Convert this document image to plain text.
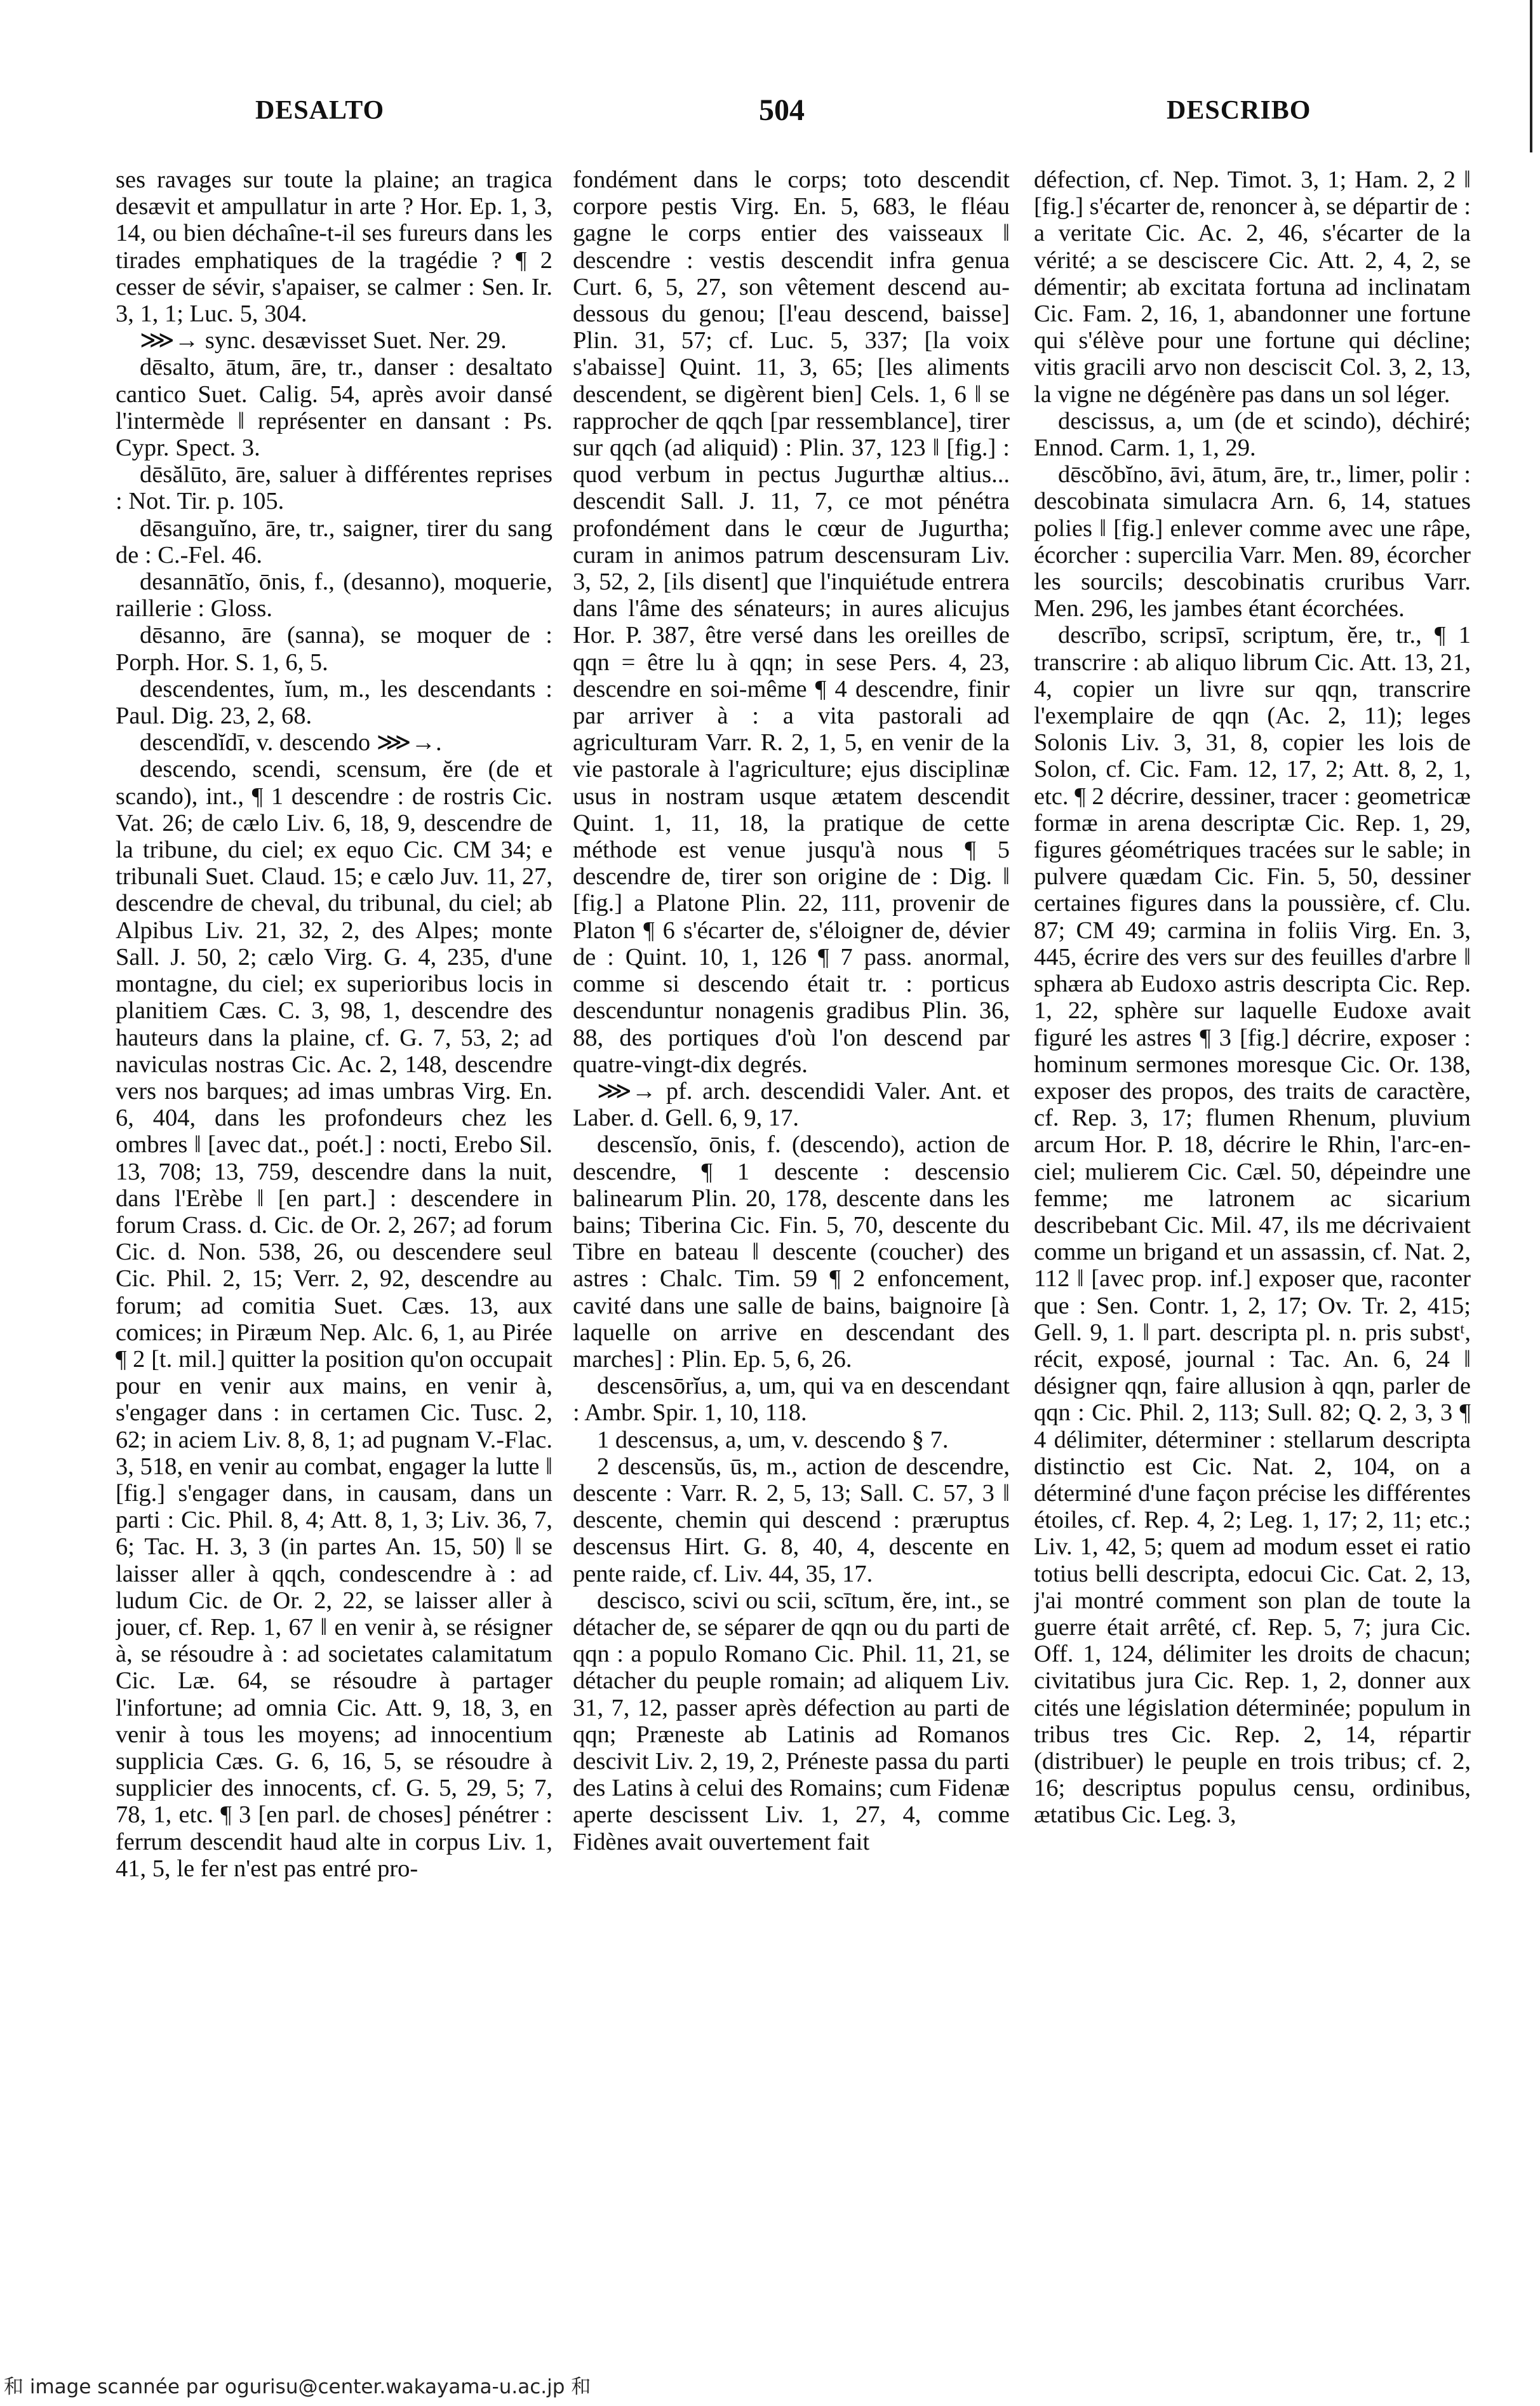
DESALTO	504	DESCRIBO

ses ravages sur toute la plaine; an tragica desævit et ampullatur in arte ? Hor. Ep. 1, 3, 14, ou bien déchaîne-t-il ses fureurs dans les tirades emphatiques de la tragédie ? ¶ 2 cesser de sévir, s'apaiser, se calmer : Sen. Ir. 3, 1, 1; Luc. 5, 304.

⋙→ sync. desævisset Suet. Ner. 29.

dēsalto, ātum, āre, tr., danser : desaltato cantico Suet. Calig. 54, après avoir dansé l'intermède ‖ représenter en dansant : Ps. Cypr. Spect. 3.

dēsălūto, āre, saluer à différentes reprises : Not. Tir. p. 105.

dēsanguĭno, āre, tr., saigner, tirer du sang de : C.-Fel. 46.

desannātĭo, ōnis, f., (desanno), moquerie, raillerie : Gloss.

dēsanno, āre (sanna), se moquer de : Porph. Hor. S. 1, 6, 5.

descendentes, ĭum, m., les descendants : Paul. Dig. 23, 2, 68.

descendĭdī, v. descendo ⋙→.

descendo, scendi, scensum, ĕre (de et scando), int., ¶ 1 descendre : de rostris Cic. Vat. 26; de cælo Liv. 6, 18, 9, descendre de la tribune, du ciel; ex equo Cic. CM 34; e tribunali Suet. Claud. 15; e cælo Juv. 11, 27, descendre de cheval, du tribunal, du ciel; ab Alpibus Liv. 21, 32, 2, des Alpes; monte Sall. J. 50, 2; cælo Virg. G. 4, 235, d'une montagne, du ciel; ex superioribus locis in planitiem Cæs. C. 3, 98, 1, descendre des hauteurs dans la plaine, cf. G. 7, 53, 2; ad naviculas nostras Cic. Ac. 2, 148, descendre vers nos barques; ad imas umbras Virg. En. 6, 404, dans les profondeurs chez les ombres ‖ [avec dat., poét.] : nocti, Erebo Sil. 13, 708; 13, 759, descendre dans la nuit, dans l'Erèbe ‖ [en part.] : descendere in forum Crass. d. Cic. de Or. 2, 267; ad forum Cic. d. Non. 538, 26, ou descendere seul Cic. Phil. 2, 15; Verr. 2, 92, descendre au forum; ad comitia Suet. Cæs. 13, aux comices; in Piræum Nep. Alc. 6, 1, au Pirée ¶ 2 [t. mil.] quitter la position qu'on occupait pour en venir aux mains, en venir à, s'engager dans : in certamen Cic. Tusc. 2, 62; in aciem Liv. 8, 8, 1; ad pugnam V.-Flac. 3, 518, en venir au combat, engager la lutte ‖ [fig.] s'engager dans, in causam, dans un parti : Cic. Phil. 8, 4; Att. 8, 1, 3; Liv. 36, 7, 6; Tac. H. 3, 3 (in partes An. 15, 50) ‖ se laisser aller à qqch, condescendre à : ad ludum Cic. de Or. 2, 22, se laisser aller à jouer, cf. Rep. 1, 67 ‖ en venir à, se résigner à, se résoudre à : ad societates calamitatum Cic. Læ. 64, se résoudre à partager l'infortune; ad omnia Cic. Att. 9, 18, 3, en venir à tous les moyens; ad innocentium supplicia Cæs. G. 6, 16, 5, se résoudre à supplicier des innocents, cf. G. 5, 29, 5; 7, 78, 1, etc. ¶ 3 [en parl. de choses] pénétrer : ferrum descendit haud alte in corpus Liv. 1, 41, 5, le fer n'est pas entré pro-

fondément dans le corps; toto descendit corpore pestis Virg. En. 5, 683, le fléau gagne le corps entier des vaisseaux ‖ descendre : vestis descendit infra genua Curt. 6, 5, 27, son vêtement descend au-dessous du genou; [l'eau descend, baisse] Plin. 31, 57; cf. Luc. 5, 337; [la voix s'abaisse] Quint. 11, 3, 65; [les aliments descendent, se digèrent bien] Cels. 1, 6 ‖ se rapprocher de qqch [par ressemblance], tirer sur qqch (ad aliquid) : Plin. 37, 123 ‖ [fig.] : quod verbum in pectus Jugurthæ altius... descendit Sall. J. 11, 7, ce mot pénétra profondément dans le cœur de Jugurtha; curam in animos patrum descensuram Liv. 3, 52, 2, [ils disent] que l'inquiétude entrera dans l'âme des sénateurs; in aures alicujus Hor. P. 387, être versé dans les oreilles de qqn = être lu à qqn; in sese Pers. 4, 23, descendre en soi-même ¶ 4 descendre, finir par arriver à : a vita pastorali ad agriculturam Varr. R. 2, 1, 5, en venir de la vie pastorale à l'agriculture; ejus disciplinæ usus in nostram usque ætatem descendit Quint. 1, 11, 18, la pratique de cette méthode est venue jusqu'à nous ¶ 5 descendre de, tirer son origine de : Dig. ‖ [fig.] a Platone Plin. 22, 111, provenir de Platon ¶ 6 s'écarter de, s'éloigner de, dévier de : Quint. 10, 1, 126 ¶ 7 pass. anormal, comme si descendo était tr. : porticus descenduntur nonagenis gradibus Plin. 36, 88, des portiques d'où l'on descend par quatre-vingt-dix degrés.

⋙→ pf. arch. descendidi Valer. Ant. et Laber. d. Gell. 6, 9, 17.

descensĭo, ōnis, f. (descendo), action de descendre, ¶ 1 descente : descensio balinearum Plin. 20, 178, descente dans les bains; Tiberina Cic. Fin. 5, 70, descente du Tibre en bateau ‖ descente (coucher) des astres : Chalc. Tim. 59 ¶ 2 enfoncement, cavité dans une salle de bains, baignoire [à laquelle on arrive en descendant des marches] : Plin. Ep. 5, 6, 26.

descensōrĭus, a, um, qui va en descendant : Ambr. Spir. 1, 10, 118.

1 descensus, a, um, v. descendo § 7.

2 descensŭs, ūs, m., action de descendre, descente : Varr. R. 2, 5, 13; Sall. C. 57, 3 ‖ descente, chemin qui descend : præruptus descensus Hirt. G. 8, 40, 4, descente en pente raide, cf. Liv. 44, 35, 17.

descisco, scivi ou scii, scītum, ĕre, int., se détacher de, se séparer de qqn ou du parti de qqn : a populo Romano Cic. Phil. 11, 21, se détacher du peuple romain; ad aliquem Liv. 31, 7, 12, passer après défection au parti de qqn; Præneste ab Latinis ad Romanos descivit Liv. 2, 19, 2, Préneste passa du parti des Latins à celui des Romains; cum Fidenæ aperte descissent Liv. 1, 27, 4, comme Fidènes avait ouvertement fait

défection, cf. Nep. Timot. 3, 1; Ham. 2, 2 ‖ [fig.] s'écarter de, renoncer à, se départir de : a veritate Cic. Ac. 2, 46, s'écarter de la vérité; a se desciscere Cic. Att. 2, 4, 2, se démentir; ab excitata fortuna ad inclinatam Cic. Fam. 2, 16, 1, abandonner une fortune qui s'élève pour une fortune qui décline; vitis gracili arvo non desciscit Col. 3, 2, 13, la vigne ne dégénère pas dans un sol léger.

descissus, a, um (de et scindo), déchiré; Ennod. Carm. 1, 1, 29.

dēscŏbĭno, āvi, ātum, āre, tr., limer, polir : descobinata simulacra Arn. 6, 14, statues polies ‖ [fig.] enlever comme avec une râpe, écorcher : supercilia Varr. Men. 89, écorcher les sourcils; descobinatis cruribus Varr. Men. 296, les jambes étant écorchées.

descrībo, scripsī, scriptum, ĕre, tr., ¶ 1 transcrire : ab aliquo librum Cic. Att. 13, 21, 4, copier un livre sur qqn, transcrire l'exemplaire de qqn (Ac. 2, 11); leges Solonis Liv. 3, 31, 8, copier les lois de Solon, cf. Cic. Fam. 12, 17, 2; Att. 8, 2, 1, etc. ¶ 2 décrire, dessiner, tracer : geometricæ formæ in arena descriptæ Cic. Rep. 1, 29, figures géométriques tracées sur le sable; in pulvere quædam Cic. Fin. 5, 50, dessiner certaines figures dans la poussière, cf. Clu. 87; CM 49; carmina in foliis Virg. En. 3, 445, écrire des vers sur des feuilles d'arbre ‖ sphæra ab Eudoxo astris descripta Cic. Rep. 1, 22, sphère sur laquelle Eudoxe avait figuré les astres ¶ 3 [fig.] décrire, exposer : hominum sermones moresque Cic. Or. 138, exposer des propos, des traits de caractère, cf. Rep. 3, 17; flumen Rhenum, pluvium arcum Hor. P. 18, décrire le Rhin, l'arc-en-ciel; mulierem Cic. Cæl. 50, dépeindre une femme; me latronem ac sicarium describebant Cic. Mil. 47, ils me décrivaient comme un brigand et un assassin, cf. Nat. 2, 112 ‖ [avec prop. inf.] exposer que, raconter que : Sen. Contr. 1, 2, 17; Ov. Tr. 2, 415; Gell. 9, 1. ‖ part. descripta pl. n. pris substᵗ, récit, exposé, journal : Tac. An. 6, 24 ‖ désigner qqn, faire allusion à qqn, parler de qqn : Cic. Phil. 2, 113; Sull. 82; Q. 2, 3, 3 ¶ 4 délimiter, déterminer : stellarum descripta distinctio est Cic. Nat. 2, 104, on a déterminé d'une façon précise les différentes étoiles, cf. Rep. 4, 2; Leg. 1, 17; 2, 11; etc.; Liv. 1, 42, 5; quem ad modum esset ei ratio totius belli descripta, edocui Cic. Cat. 2, 13, j'ai montré comment son plan de toute la guerre était arrêté, cf. Rep. 5, 7; jura Cic. Off. 1, 124, délimiter les droits de chacun; civitatibus jura Cic. Rep. 1, 2, donner aux cités une législation déterminée; populum in tribus tres Cic. Rep. 2, 14, répartir (distribuer) le peuple en trois tribus; cf. 2, 16; descriptus populus censu, ordinibus, ætatibus Cic. Leg. 3,

和 image scannée par ogurisu@center.wakayama-u.ac.jp 和
